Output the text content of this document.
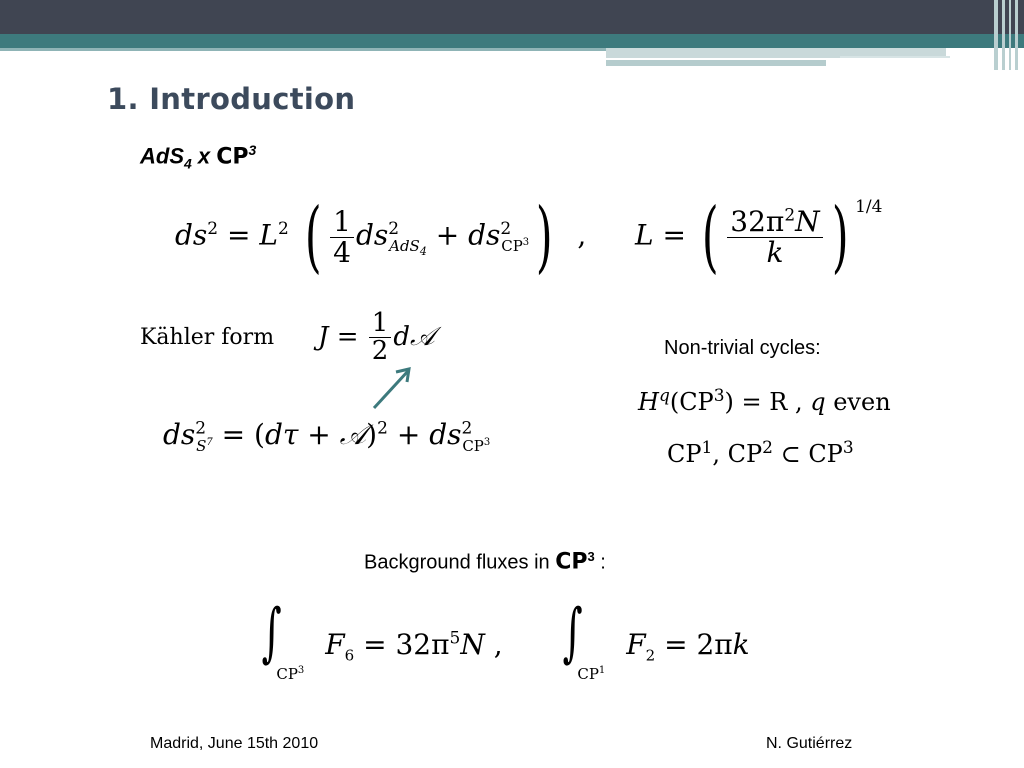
1. Introduction
AdS$_4$ x $CP^3$
$ds^2 = L^2$ ( $\frac{1}{4} ds^2_{AdS_4} + ds^2_{CP^3}$)  , L = ( $\frac{32\pi^2N}{k}$ ) $^{1/4}$
Kähler form $J = \frac{1}{2}$ d𝒜
$ds^2_{S^7} = (d\tau$ + 𝒜)$^2$ + $ds^2_{CP^3}$
Non-trivial cycles:
$H^q(CP^3) = R$ , q even
$CP^1$, $CP^2$ ⊂ $CP^3$
Background fluxes in $CP^3$ :
$\int_{CP^3}$ $F_6 = 32\pi^5N$ , $\int_{CP^1}$ $F_2 = 2\pi k$
Madrid, June 15th 2010	N. Gutiérrez
